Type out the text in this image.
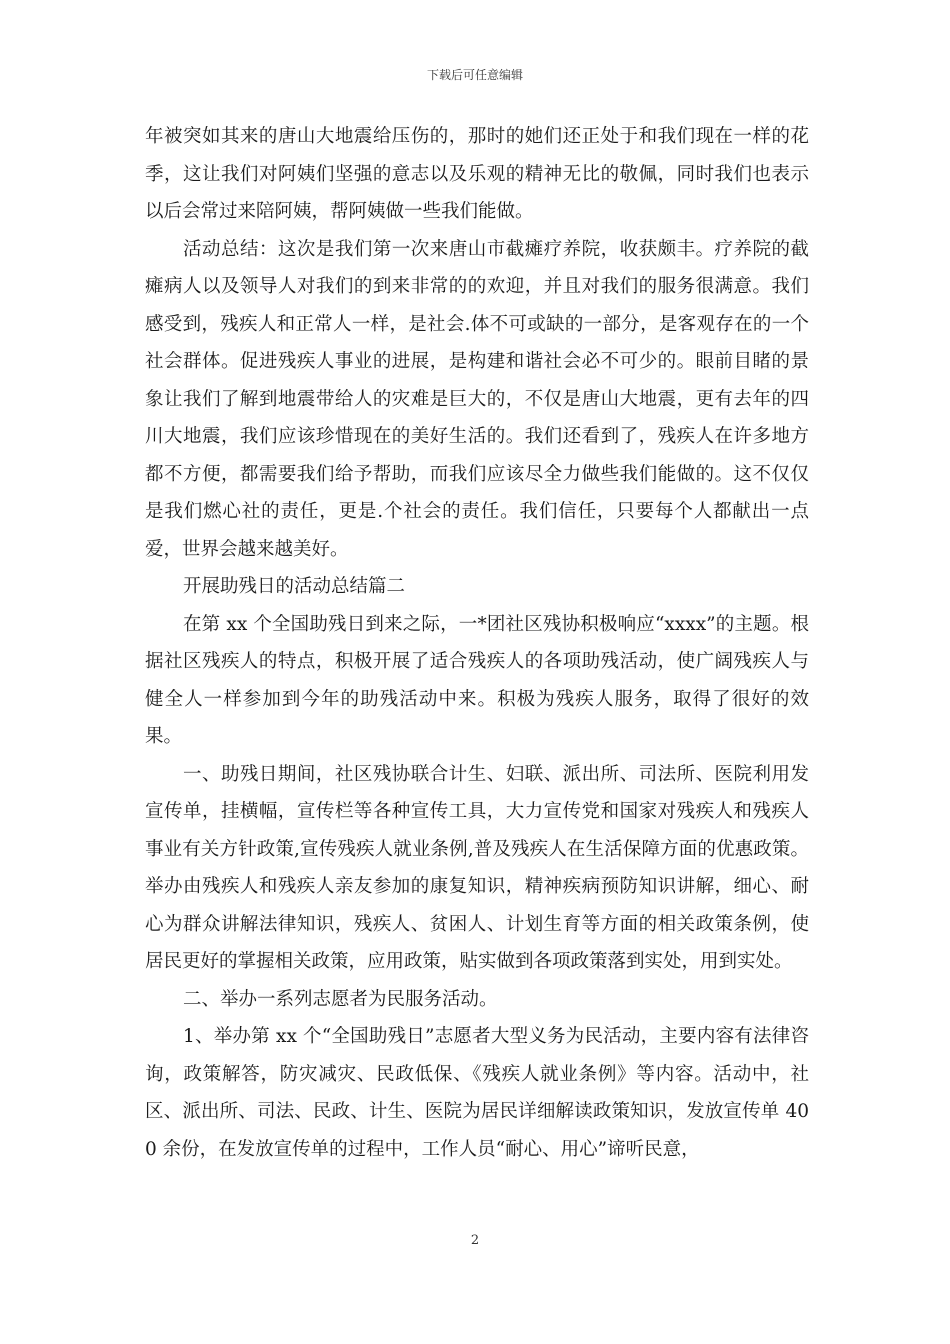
下载后可任意编辑

年被突如其来的唐山大地震给压伤的，那时的她们还正处于和我们现在一样的花季，这让我们对阿姨们坚强的意志以及乐观的精神无比的敬佩，同时我们也表示以后会常过来陪阿姨，帮阿姨做一些我们能做。

活动总结：这次是我们第一次来唐山市截瘫疗养院，收获颇丰。疗养院的截瘫病人以及领导人对我们的到来非常的的欢迎，并且对我们的服务很满意。我们感受到，残疾人和正常人一样，是社会.体不可或缺的一部分，是客观存在的一个社会群体。促进残疾人事业的进展，是构建和谐社会必不可少的。眼前目睹的景象让我们了解到地震带给人的灾难是巨大的，不仅是唐山大地震，更有去年的四川大地震，我们应该珍惜现在的美好生活的。我们还看到了，残疾人在许多地方都不方便，都需要我们给予帮助，而我们应该尽全力做些我们能做的。这不仅仅是我们燃心社的责任，更是.个社会的责任。我们信任，只要每个人都献出一点爱，世界会越来越美好。

开展助残日的活动总结篇二

在第 xx 个全国助残日到来之际，一*团社区残协积极响应“xxxx”的主题。根据社区残疾人的特点，积极开展了适合残疾人的各项助残活动，使广阔残疾人与健全人一样参加到今年的助残活动中来。积极为残疾人服务，取得了很好的效果。

一、助残日期间，社区残协联合计生、妇联、派出所、司法所、医院利用发宣传单，挂横幅，宣传栏等各种宣传工具，大力宣传党和国家对残疾人和残疾人事业有关方针政策,宣传残疾人就业条例,普及残疾人在生活保障方面的优惠政策。举办由残疾人和残疾人亲友参加的康复知识，精神疾病预防知识讲解，细心、耐心为群众讲解法律知识，残疾人、贫困人、计划生育等方面的相关政策条例，使居民更好的掌握相关政策，应用政策，贴实做到各项政策落到实处，用到实处。

二、举办一系列志愿者为民服务活动。

1、举办第 xx 个“全国助残日”志愿者大型义务为民活动，主要内容有法律咨询，政策解答，防灾减灾、民政低保、《残疾人就业条例》等内容。活动中，社区、派出所、司法、民政、计生、医院为居民详细解读政策知识，发放宣传单 400 余份，在发放宣传单的过程中，工作人员“耐心、用心”谛听民意，

2
